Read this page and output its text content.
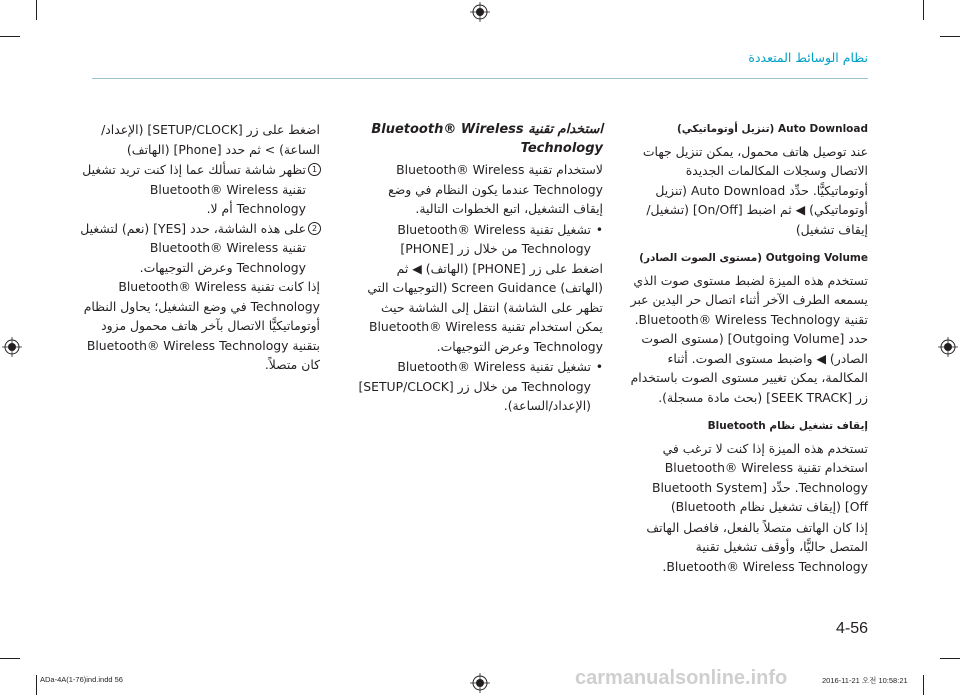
نظام الوسائط المتعددة
Auto Download (تنزيل أوتوماتيكي)

عند توصيل هاتف محمول، يمكن تنزيل جهات الاتصال وسجلات المكالمات الجديدة أوتوماتيكيًّا. حدِّد Auto Download (تنزيل أوتوماتيكي) ◀ ثم اضبط [On/Off] (تشغيل/إيقاف تشغيل)

Outgoing Volume (مستوى الصوت الصادر)

تستخدم هذه الميزة لضبط مستوى صوت الذي يسمعه الطرف الآخر أثناء اتصال حر اليدين عبر تقنية Bluetooth® Wireless Technology. حدد [Outgoing Volume] (مستوى الصوت الصادر) ◀ واضبط مستوى الصوت. أثناء المكالمة، يمكن تغيير مستوى الصوت باستخدام زر [SEEK TRACK] (بحث مادة مسجلة).

إيقاف تشغيل نظام Bluetooth

تستخدم هذه الميزة إذا كنت لا ترغب في استخدام تقنية Bluetooth® Wireless Technology. حدِّد [Bluetooth System Off] (إيقاف تشغيل نظام Bluetooth)

إذا كان الهاتف متصلاً بالفعل، فافصل الهاتف المتصل حاليًّا، وأوقف تشغيل تقنية Bluetooth® Wireless Technology.

استخدام تقنية Bluetooth® Wireless Technology

لاستخدام تقنية Bluetooth® Wireless Technology عندما يكون النظام في وضع إيقاف التشغيل، اتبع الخطوات التالية.

• تشغيل تقنية Bluetooth® Wireless Technology من خلال زر [PHONE]

اضغط على زر [PHONE] (الهاتف) ◀ ثم (الهاتف) Screen Guidance (التوجيهات التي تظهر على الشاشة) انتقل إلى الشاشة حيث يمكن استخدام تقنية Bluetooth® Wireless Technology وعرض التوجيهات.

• تشغيل تقنية Bluetooth® Wireless Technology من خلال زر [SETUP/CLOCK] (الإعداد/الساعة).

اضغط على زر [SETUP/CLOCK] (الإعداد/الساعة) > ثم حدد [Phone] (الهاتف)

1
تظهر شاشة تسألك عما إذا كنت تريد تشغيل تقنية Bluetooth® Wireless Technology أم لا.
2
على هذه الشاشة، حدد [YES] (نعم) لتشغيل تقنية Bluetooth® Wireless Technology وعرض التوجيهات.

إذا كانت تقنية Bluetooth® Wireless Technology في وضع التشغيل؛ يحاول النظام أوتوماتيكيًّا الاتصال بآخر هاتف محمول مزود بتقنية Bluetooth® Wireless Technology كان متصلاً.

4-56
ADa-4A(1-76)ind.indd 56	carmanualsonline.info	2016-11-21 오전 10:58:21
